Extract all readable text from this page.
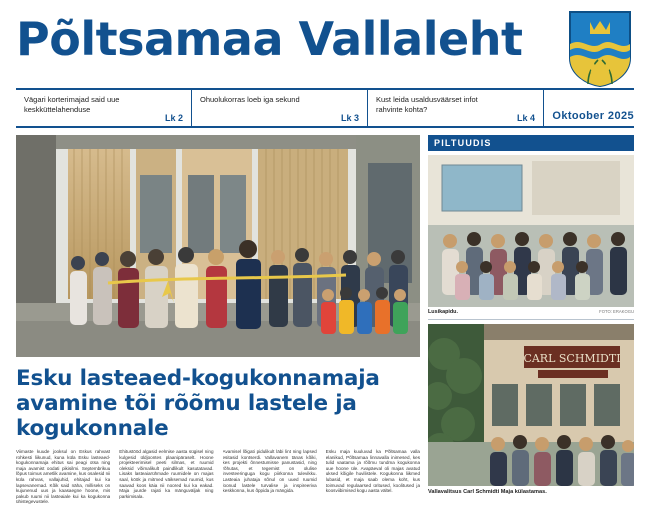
Põltsamaa Vallaleht
Vägari korterimajad said uue keskküttelahenduse
Lk 2
Ohuolukorras loeb iga sekund
Lk 3
Kust leida usaldusväärset infot rahvinte kohta?
Lk 4 Oktoober 2025
Esku lasteaed-kogukonnamaja avamine tõi rõõmu lastele ja kogukonnale

Viimaste kuude jooksul on Eskus rahvast rohkesti liikunud, kuna küla Esku lasteaed-kogukonnamaja ehitus sai peagi otsa ning maja avamist oodati pikisilmi. Septembrikuu lõpus toimus ametlik avamine, kus osalesid nii küla rahvas, vallajuhid, ehitajad kui ka lapsevanemad. Kõik said näha, milliseks on kujunenud uus ja kaasaegne hoone, mis pakub ruumi nii lasteaiale kui ka kogukonna ühistegevustele.

Ehitustööd algasid eelmise aasta sügisel ning kulgesid üldjoontes plaanipäraselt. Hoone projekteerimisel peeti silmas, et ruumid oleksid võimalikult paindlikult kasutatavad. Lisaks lasteaiarühmade ruumidele on majas saal, köök ja mitmed väiksemad ruumid, kus saavad koos käia nii noored kui ka eakad. Maja juurde rajati ka mänguväljak ning parkimisala.

Avamisel lõigati pidulikult läbi lint ning lapsed esitasid kontserdi. Vallavanem tänas kõiki, kes projekti õnnestumisse panustasid, ning rõhutas, et tegemist on olulise investeeringuga kogu piirkonna tulevikku. Lasteaia juhataja sõnul on uued ruumid loonud lastele turvalise ja inspireeriva keskkonna, kus õppida ja mängida.

Esku maja kuuluvad ka Põltsamaa valla elanikud, Põltsamaa linnavalla inimesed, kes tulid vaatama ja rõõmu tundma kogukonna uue hoone üle. Avapäeval oli majas avatud uksed kõigile huvilistele. Kogukonna liikmed lubasid, et maja saab olema koht, kus toimuvad regulaarsed üritused, koolitused ja koosviibimised kogu aasta vältel.

PILTUUDIS
Lusikapidu.	FOTO: ERAKOGU
CARL SCHMIDTI
Vallavalitsus Carl Schmidti Maja külastamas.
